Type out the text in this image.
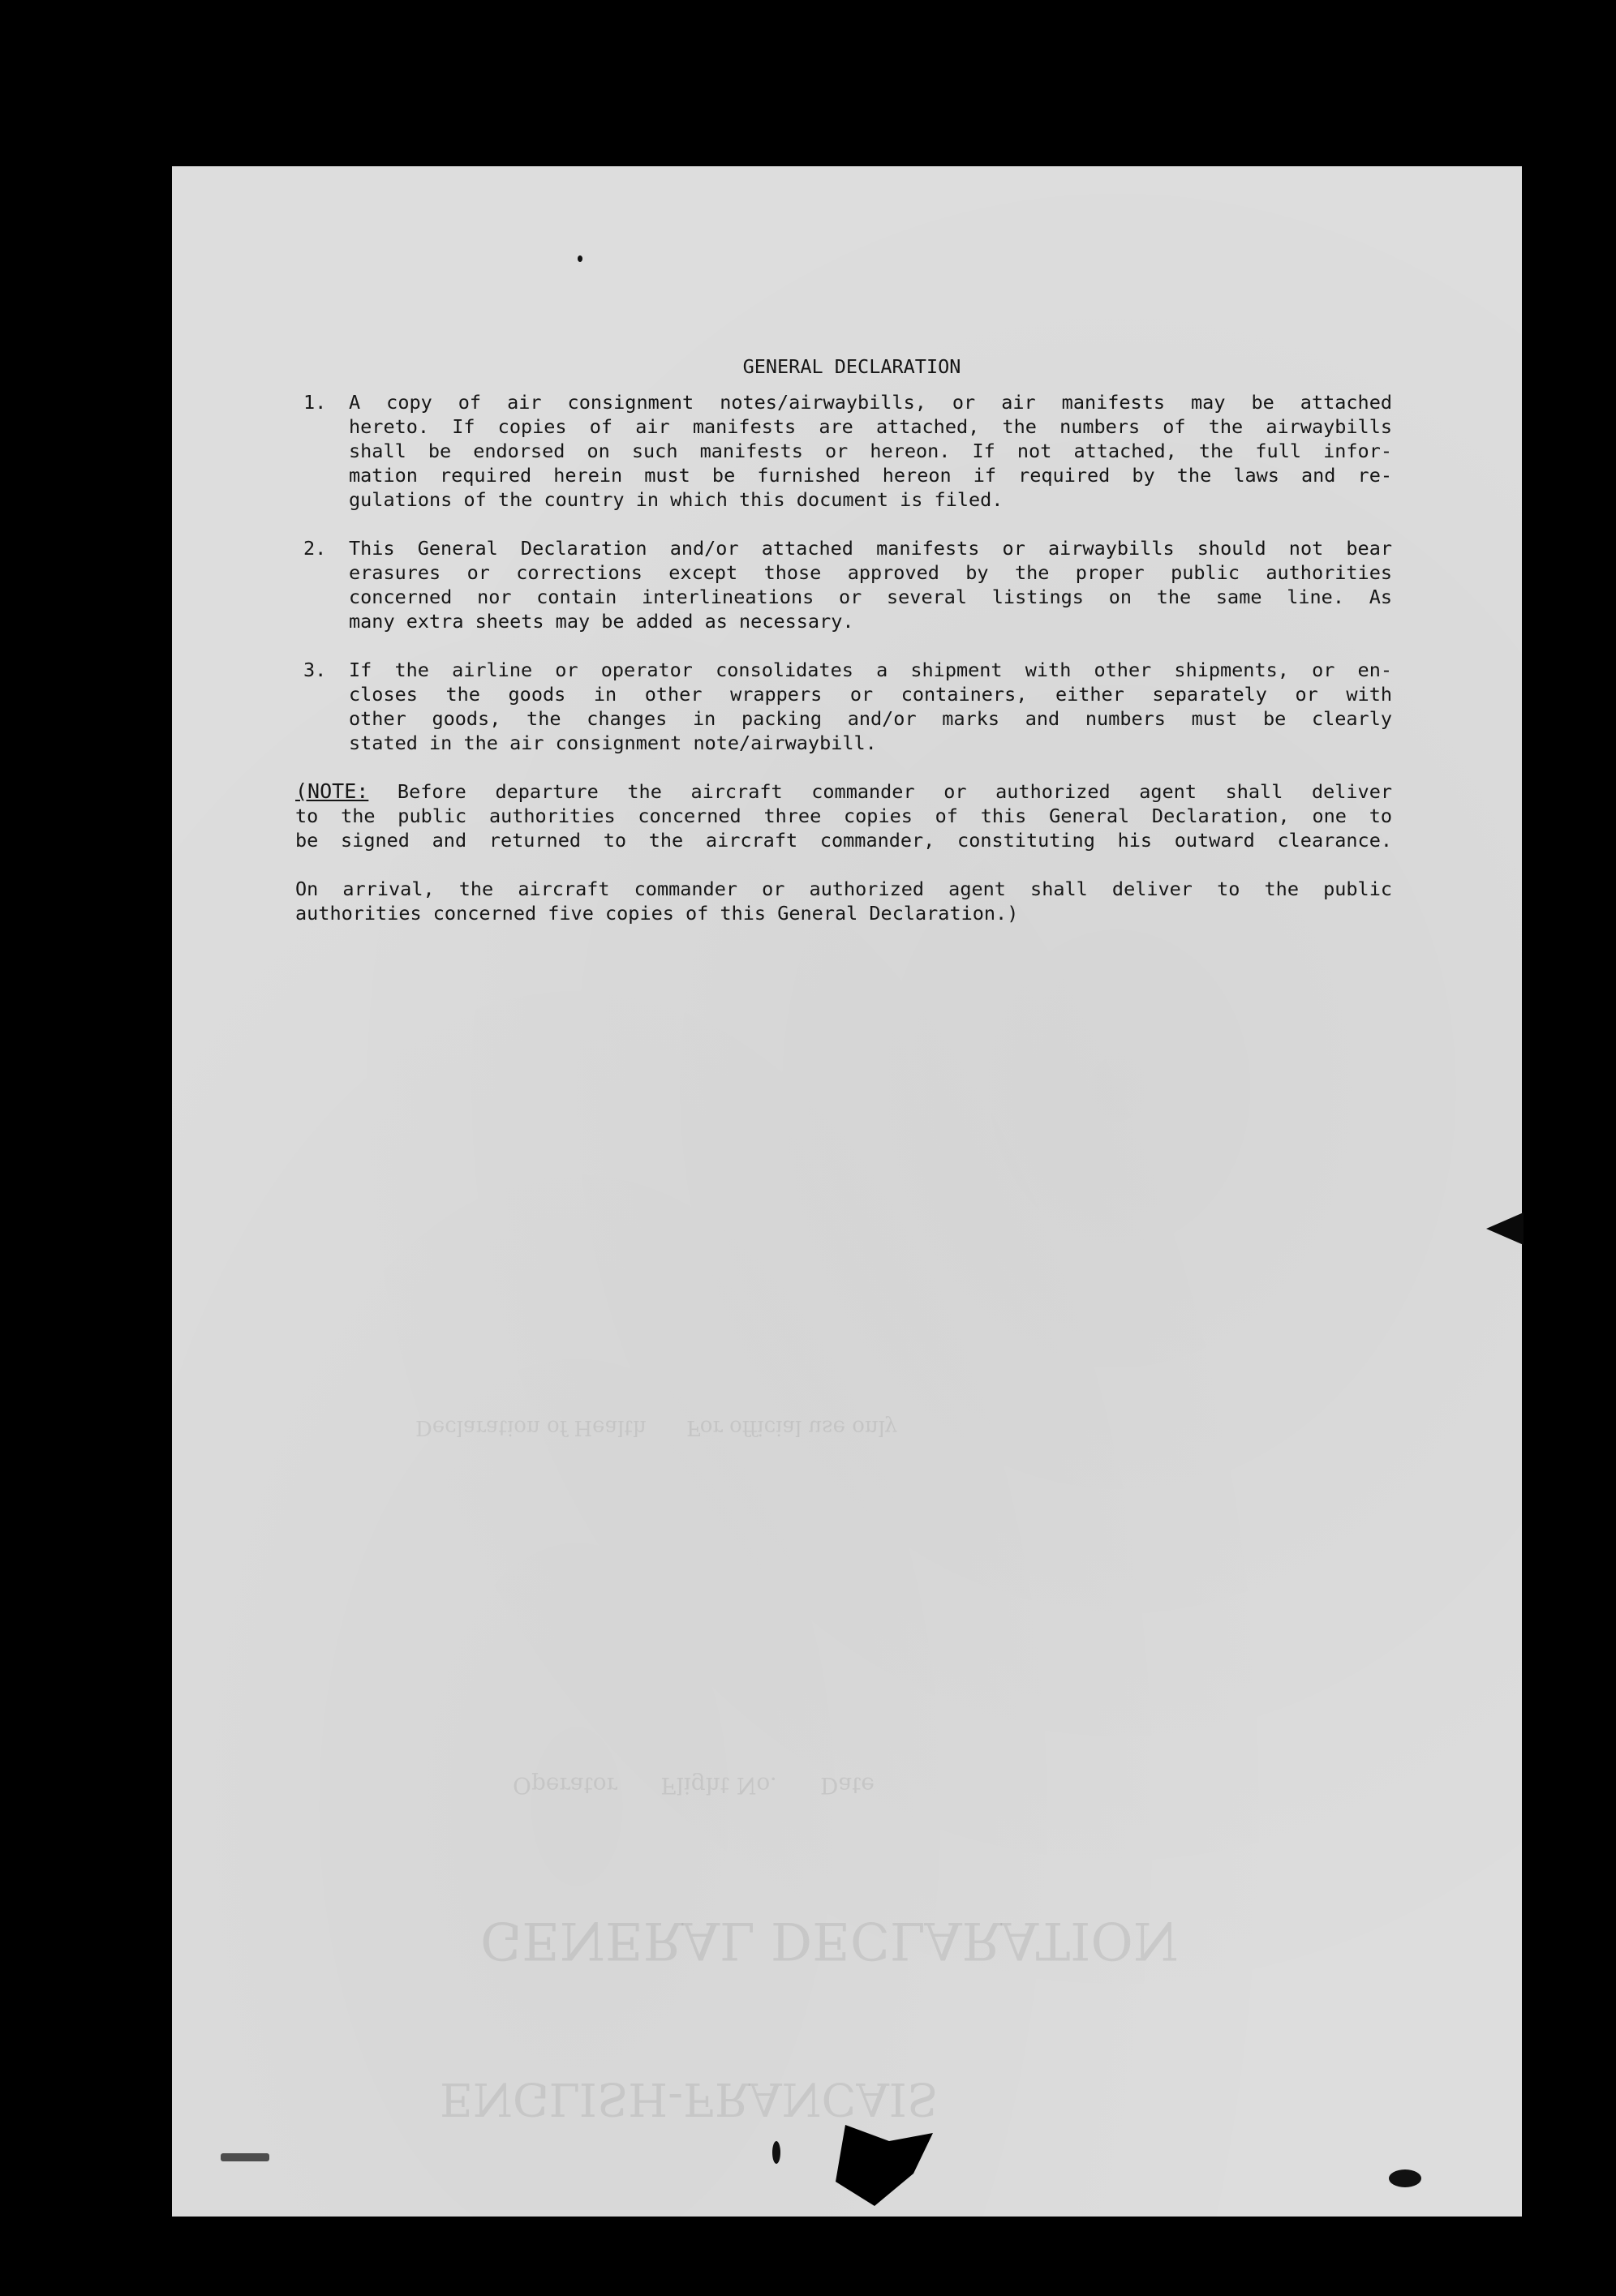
GENERAL DECLARATION
Operator      Flight No.      Date
Declaration of Health      For official use only
ENGLISH-FRANCAIS
GENERAL DECLARATION
1.	A copy of air consignment notes/airwaybills, or air manifests may be attached
hereto. If copies of air manifests are attached, the numbers of the airwaybills
shall be endorsed on such manifests or hereon. If not attached, the full infor-
mation required herein must be furnished hereon if required by the laws and re-
gulations of the country in which this document is filed.
2.	This General Declaration and/or attached manifests or airwaybills should not bear
erasures or corrections except those approved by the proper public authorities
concerned nor contain interlineations or several listings on the same line. As
many extra sheets may be added as necessary.
3.	If the airline or operator consolidates a shipment with other shipments, or en-
closes the goods in other wrappers or containers, either separately or with
other goods, the changes in packing and/or marks and numbers must be clearly
stated in the air consignment note/airwaybill.
(NOTE: Before departure the aircraft commander or authorized agent shall deliver
to the public authorities concerned three copies of this General Declaration, one to
be signed and returned to the aircraft commander, constituting his outward clearance.
On arrival, the aircraft commander or authorized agent shall deliver to the public
authorities concerned five copies of this General Declaration.)
